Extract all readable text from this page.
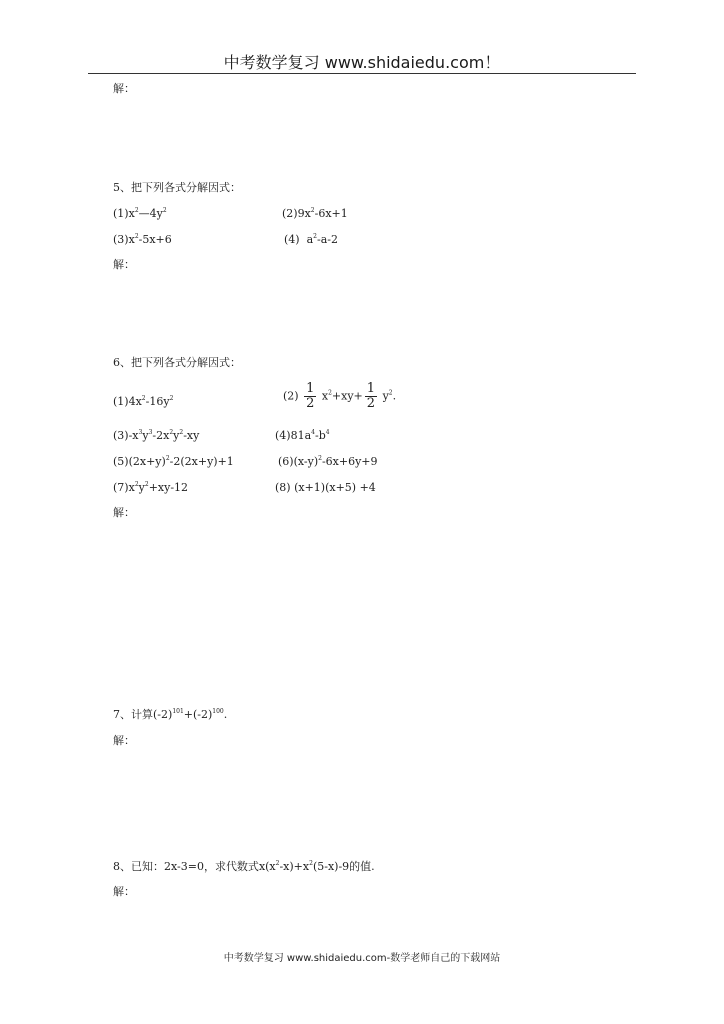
中考数学复习 www.shidaiedu.com！
解：
5、把下列各式分解因式：
$(1)x^2—4y^2$	$(2)9x^2-6x+1$
$(3)x^2-5x+6$	(4) $a^2-a-2$
解：
6、把下列各式分解因式：
$(1)4x^2-16y^2$	$(2) \frac{1}{2} x^2+xy+ \frac{1}{2} y^2$.
$(3)-x^3y^3-2x^2y^2-xy$	$(4)81a^4-b^4$
$(5)(2x+y)^2-2(2x+y)+1$	$(6)(x-y)^2-6x+6y+9$
$(7)x^2y^2+xy-12$	(8) (x+1)(x+5) +4
解：
7、计算$(-2)^{101}+(-2)^{100}$.
解：
8、已知：2x-3=0，求代数式$x(x^2-x)+x^2(5-x)-9$的值.
解：
中考数学复习 www.shidaiedu.com-数学老师自己的下载网站
